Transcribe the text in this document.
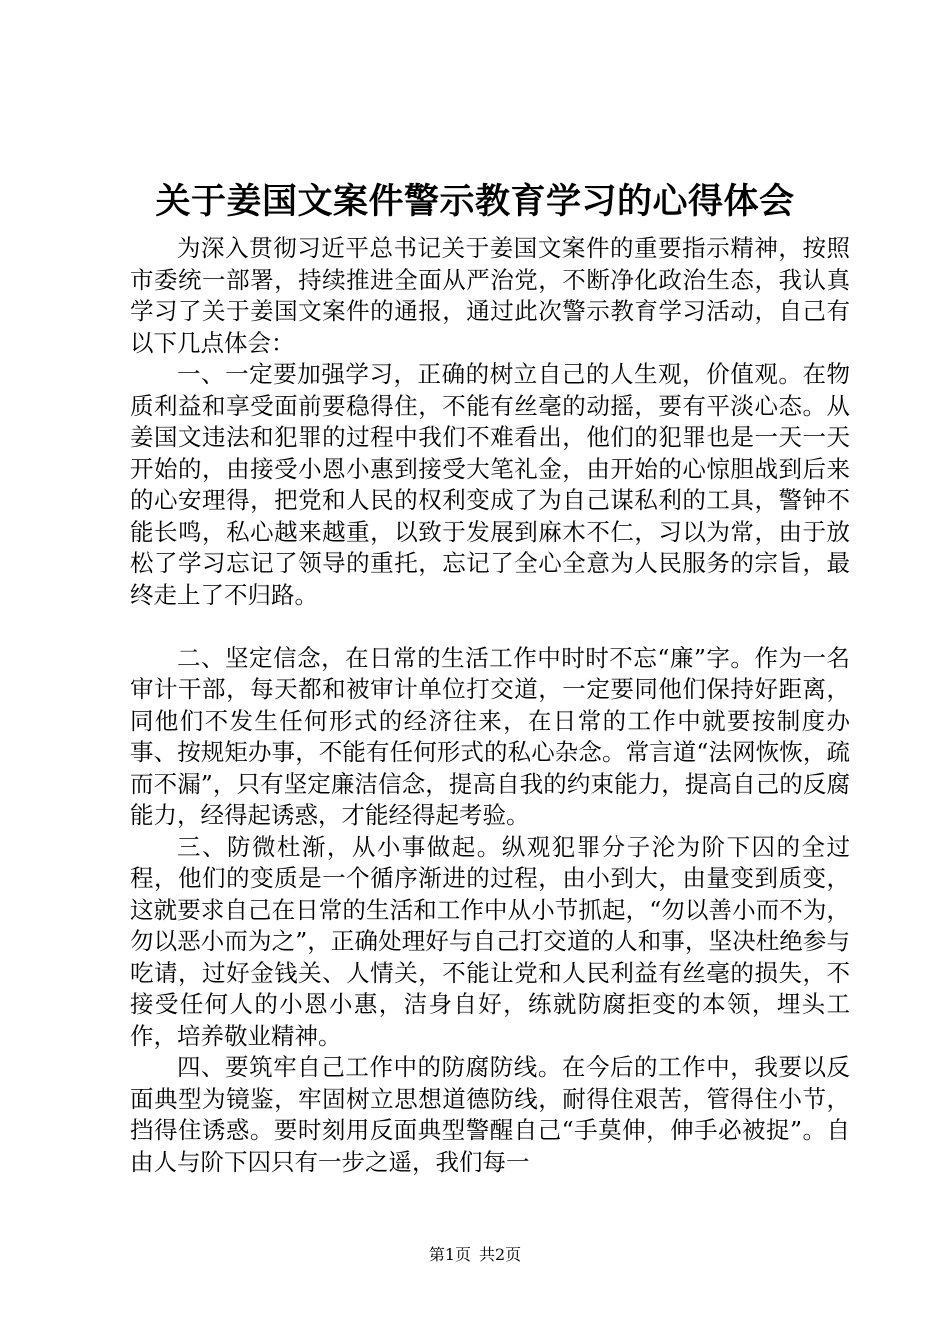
关于姜国文案件警示教育学习的心得体会

为深入贯彻习近平总书记关于姜国文案件的重要指示精神，按照市委统一部署，持续推进全面从严治党，不断净化政治生态，我认真学习了关于姜国文案件的通报，通过此次警示教育学习活动，自己有以下几点体会：

一、一定要加强学习，正确的树立自己的人生观，价值观。在物质利益和享受面前要稳得住，不能有丝毫的动摇，要有平淡心态。从姜国文违法和犯罪的过程中我们不难看出，他们的犯罪也是一天一天开始的，由接受小恩小惠到接受大笔礼金，由开始的心惊胆战到后来的心安理得，把党和人民的权利变成了为自己谋私利的工具，警钟不能长鸣，私心越来越重，以致于发展到麻木不仁，习以为常，由于放松了学习忘记了领导的重托，忘记了全心全意为人民服务的宗旨，最终走上了不归路。

二、坚定信念，在日常的生活工作中时时不忘“廉”字。作为一名审计干部，每天都和被审计单位打交道，一定要同他们保持好距离，同他们不发生任何形式的经济往来，在日常的工作中就要按制度办事、按规矩办事，不能有任何形式的私心杂念。常言道“法网恢恢，疏而不漏”，只有坚定廉洁信念，提高自我的约束能力，提高自己的反腐能力，经得起诱惑，才能经得起考验。

三、防微杜渐，从小事做起。纵观犯罪分子沦为阶下囚的全过程，他们的变质是一个循序渐进的过程，由小到大，由量变到质变，这就要求自己在日常的生活和工作中从小节抓起，“勿以善小而不为，勿以恶小而为之”，正确处理好与自己打交道的人和事，坚决杜绝参与吃请，过好金钱关、人情关，不能让党和人民利益有丝毫的损失，不接受任何人的小恩小惠，洁身自好，练就防腐拒变的本领，埋头工作，培养敬业精神。

四、要筑牢自己工作中的防腐防线。在今后的工作中，我要以反面典型为镜鉴，牢固树立思想道德防线，耐得住艰苦，管得住小节，挡得住诱惑。要时刻用反面典型警醒自己“手莫伸，伸手必被捉”。自由人与阶下囚只有一步之遥，我们每一

第1页 共2页
